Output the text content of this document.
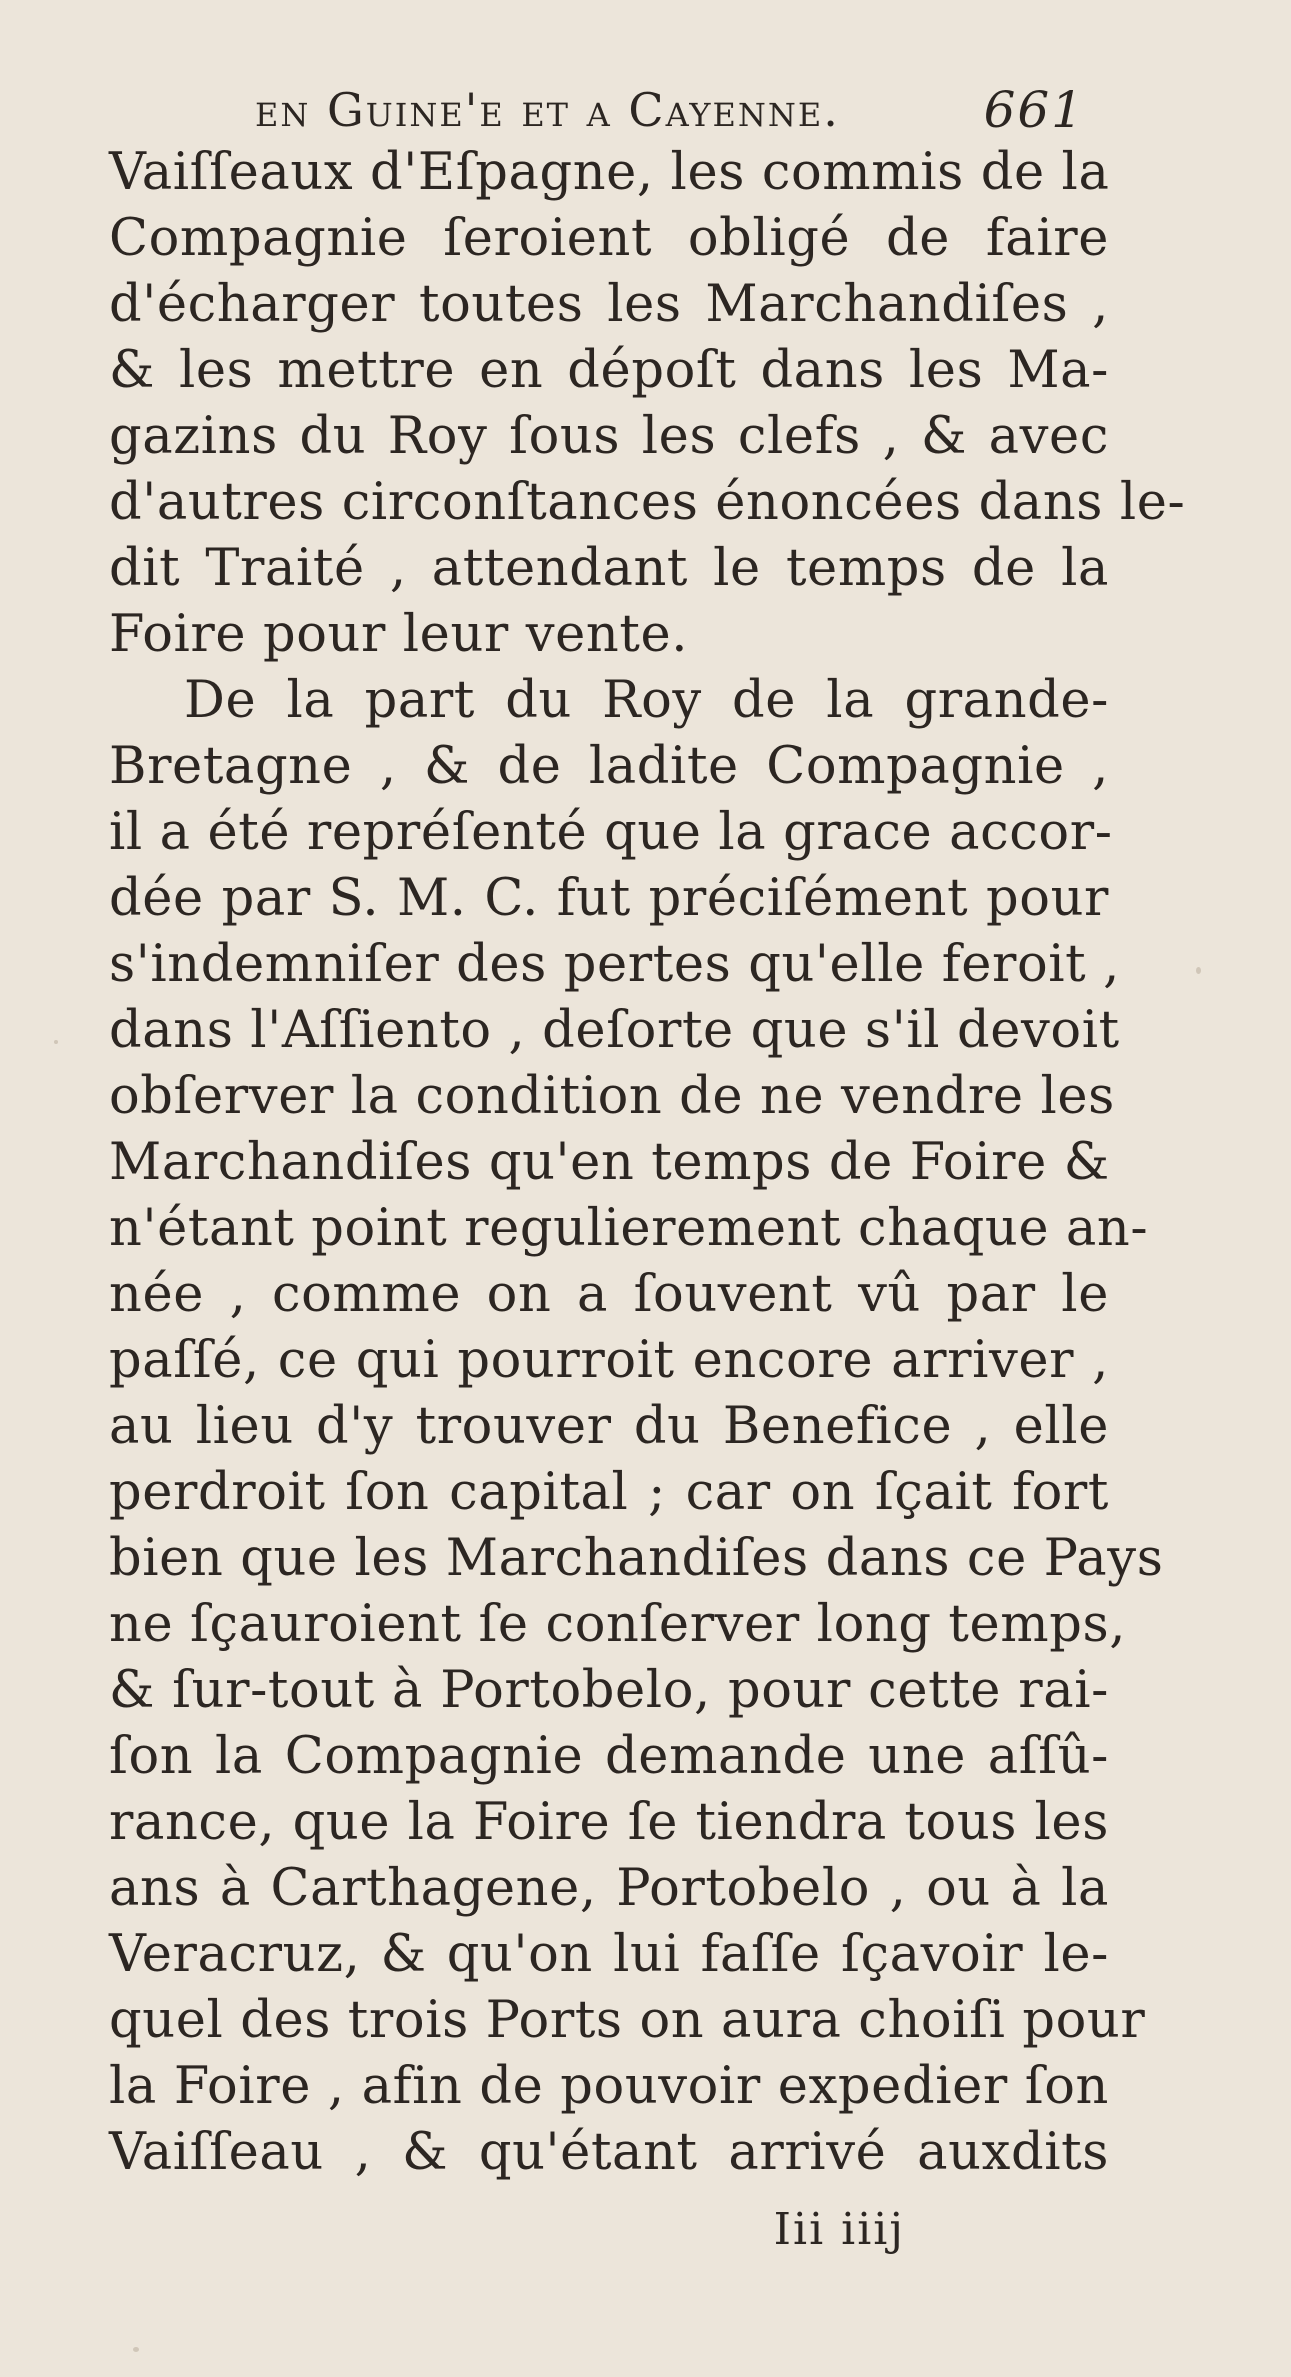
en Guine'e et a Cayenne.	661
Vaiſſeaux d'Eſpagne, les commis de la
Compagnie ſeroient obligé de faire
d'écharger toutes les Marchandiſes ,
& les mettre en dépoſt dans les Ma-
gazins du Roy ſous les clefs , & avec
d'autres circonſtances énoncées dans le-
dit Traité , attendant le temps de la
Foire pour leur vente.
De la part du Roy de la grande-
Bretagne , & de ladite Compagnie ,
il a été repréſenté que la grace accor-
dée par S. M. C. fut préciſément pour
s'indemniſer des pertes qu'elle feroit ,
dans l'Aſſiento , deſorte que s'il devoit
obſerver la condition de ne vendre les
Marchandiſes qu'en temps de Foire &
n'étant point regulierement chaque an-
née , comme on a ſouvent vû par le
paſſé, ce qui pourroit encore arriver ,
au lieu d'y trouver du Benefice , elle
perdroit ſon capital ; car on ſçait fort
bien que les Marchandiſes dans ce Pays
ne ſçauroient ſe conſerver long temps,
& ſur-tout à Portobelo, pour cette rai-
ſon la Compagnie demande une aſſû-
rance, que la Foire ſe tiendra tous les
ans à Carthagene, Portobelo , ou à la
Veracruz, & qu'on lui faſſe ſçavoir le-
quel des trois Ports on aura choiſi pour
la Foire , afin de pouvoir expedier ſon
Vaiſſeau , & qu'étant arrivé auxdits
Iii iiij
